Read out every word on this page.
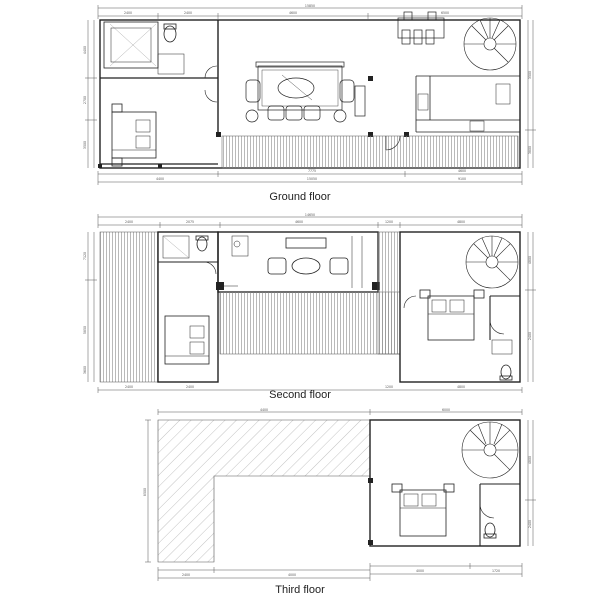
15850
2400	2400	4600	6500
4400
7775
15050
4600
9100
4400
2700
3500
3500
3800
14650
2400	2075	4600	1200	4800
2400	2400	1200	4800
7120
5850
3600
4800
2400
4400	6000
2400	4000
4000	1720
8500
4800
2400
Ground floor
Second floor
Third floor
